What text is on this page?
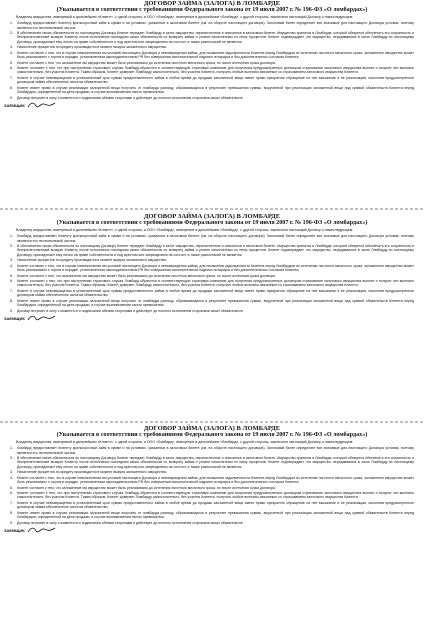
ДОГОВОР ЗАЙМА (ЗАЛОГА) В ЛОМБАРДЕ
(Указывается в соответствии с требованиями Федерального закона от 19 июля 2007 г. № 196-ФЗ «О ломбардах»)

Владелец имущества, именуемый в дальнейшем «Клиент», с одной стороны, и ООО «Ломбард», именуемое в дальнейшем «Ломбард», с другой стороны, заключили настоящий Договор о нижеследующем:

1. Ломбард предоставляет Клиенту краткосрочный займ в сумме и на условиях, указанных в залоговом билете (см. на обороте настоящего договора). Залоговый билет определяет все значимые для настоящего Договора условия, поэтому является его неотъемлемой частью.
2. В обеспечение своих обязательств по настоящему Договору Клиент передает Ломбарду в залог имущество, перечисленное и описанное в залоговом билете. Имущество хранится в Ломбарде, который обязуется обеспечить его сохранность и беспрепятственный возврат Клиенту после исполнения последним своих обязательств по возврату займа и уплате начисленных по нему процентов. Клиент подтверждает, что имущество, передаваемое в залог Ломбарду по настоящему Договору, принадлежит ему лично на праве собственности и под арестом или запрещением на состоит, а также разногласий не является.
3. Начисление процентов по кредиту производится в момент выкупа заложенного имущества.
4. Клиент согласен с тем, что в случае невыполнения им условий настоящего Договора и невозвращения займа, для погашения задолженности Клиента перед Ломбардом по истечении льготного месячного срока, заложенное имущество может быть реализовано с торгов в порядке, установленном законодательством РФ без совершения исполнительной надписи нотариуса и без дополнительного согласия Клиента.
5. Клиент согласен с тем, что заложенное им имущество может быть реализовано до истечения льготного месячного срока, но после истечения срока договора.
6. Клиент согласен с тем, что при наступлении страхового случая Ломбард обратится в соответствующую страховую компанию для получения предусмотренных договором страхования залогового имущества выплат и получит эти выплаты самостоятельно, без участия Клиента. Таким образом, Клиент доверяет Ломбарду самостоятельно, без участия Клиента, получить любые выплаты связанные со страхованием залогового имущества Клиента.
7. Клиент в случае невозвращения в установленный срок суммы предоставленного займа в любое время до продажи заложенной вещи имеет право прекратить обращение на нее взыскание и ее реализацию, исполнив предусмотренное договором займа обеспеченное залогом обязательство.
8. Клиент имеет право в случае реализации заложенной вещи получить от ломбарда разницу, образовавшуюся в результате превышения суммы, вырученной при реализации заложенной вещи над суммой обязательств Клиента перед Ломбардом, определенной на день продажи, в случае возникновения такого превышения.
9. Договор вступает в силу с момента его подписания обеими сторонами и действует до полного исполнения сторонами своих обязательств.
ЗАЕМЩИК
ДОГОВОР ЗАЙМА (ЗАЛОГА) В ЛОМБАРДЕ
(Указывается в соответствии с требованиями Федерального закона от 19 июля 2007 г. № 196-ФЗ «О ломбардах»)

Владелец имущества, именуемый в дальнейшем «Клиент», с одной стороны, и ООО «Ломбард», именуемое в дальнейшем «Ломбард», с другой стороны, заключили настоящий Договор о нижеследующем:

1. Ломбард предоставляет Клиенту краткосрочный займ в сумме и на условиях, указанных в залоговом билете (см. на обороте настоящего договора). Залоговый билет определяет все значимые для настоящего Договора условия, поэтому является его неотъемлемой частью.
2. В обеспечение своих обязательств по настоящему Договору Клиент передает Ломбарду в залог имущество, перечисленное и описанное в залоговом билете. Имущество хранится в Ломбарде, который обязуется обеспечить его сохранность и беспрепятственный возврат Клиенту после исполнения последним своих обязательств по возврату займа и уплате начисленных по нему процентов. Клиент подтверждает, что имущество, передаваемое в залог Ломбарду по настоящему Договору, принадлежит ему лично на праве собственности и под арестом или запрещением на состоит, а также разногласий не является.
3. Начисление процентов по кредиту производится в момент выкупа заложенного имущества.
4. Клиент согласен с тем, что в случае невыполнения им условий настоящего Договора и невозвращения займа, для погашения задолженности Клиента перед Ломбардом по истечении льготного месячного срока, заложенное имущество может быть реализовано с торгов в порядке, установленном законодательством РФ без совершения исполнительной надписи нотариуса и без дополнительного согласия Клиента.
5. Клиент согласен с тем, что заложенное им имущество может быть реализовано до истечения льготного месячного срока, но после истечения срока договора.
6. Клиент согласен с тем, что при наступлении страхового случая Ломбард обратится в соответствующую страховую компанию для получения предусмотренных договором страхования залогового имущества выплат и получит эти выплаты самостоятельно, без участия Клиента. Таким образом, Клиент доверяет Ломбарду самостоятельно, без участия Клиента, получить любые выплаты связанные со страхованием залогового имущества Клиента.
7. Клиент в случае невозвращения в установленный срок суммы предоставленного займа в любое время до продажи заложенной вещи имеет право прекратить обращение на нее взыскание и ее реализацию, исполнив предусмотренное договором займа обеспеченное залогом обязательство.
8. Клиент имеет право в случае реализации заложенной вещи получить от ломбарда разницу, образовавшуюся в результате превышения суммы, вырученной при реализации заложенной вещи над суммой обязательств Клиента перед Ломбардом, определенной на день продажи, в случае возникновения такого превышения.
9. Договор вступает в силу с момента его подписания обеими сторонами и действует до полного исполнения сторонами своих обязательств.
ЗАЕМЩИК
ДОГОВОР ЗАЙМА (ЗАЛОГА) В ЛОМБАРДЕ
(Указывается в соответствии с требованиями Федерального закона от 19 июля 2007 г. № 196-ФЗ «О ломбардах»)

Владелец имущества, именуемый в дальнейшем «Клиент», с одной стороны, и ООО «Ломбард», именуемое в дальнейшем «Ломбард», с другой стороны, заключили настоящий Договор о нижеследующем:

1. Ломбард предоставляет Клиенту краткосрочный займ в сумме и на условиях, указанных в залоговом билете (см. на обороте настоящего договора). Залоговый билет определяет все значимые для настоящего Договора условия, поэтому является его неотъемлемой частью.
2. В обеспечение своих обязательств по настоящему Договору Клиент передает Ломбарду в залог имущество, перечисленное и описанное в залоговом билете. Имущество хранится в Ломбарде, который обязуется обеспечить его сохранность и беспрепятственный возврат Клиенту после исполнения последним своих обязательств по возврату займа и уплате начисленных по нему процентов. Клиент подтверждает, что имущество, передаваемое в залог Ломбарду по настоящему Договору, принадлежит ему лично на праве собственности и под арестом или запрещением на состоит, а также разногласий не является.
3. Начисление процентов по кредиту производится в момент выкупа заложенного имущества.
4. Клиент согласен с тем, что в случае невыполнения им условий настоящего Договора и невозвращения займа, для погашения задолженности Клиента перед Ломбардом по истечении льготного месячного срока, заложенное имущество может быть реализовано с торгов в порядке, установленном законодательством РФ без совершения исполнительной надписи нотариуса и без дополнительного согласия Клиента.
5. Клиент согласен с тем, что заложенное им имущество может быть реализовано до истечения льготного месячного срока, но после истечения срока договора.
6. Клиент согласен с тем, что при наступлении страхового случая Ломбард обратится в соответствующую страховую компанию для получения предусмотренных договором страхования залогового имущества выплат и получит эти выплаты самостоятельно, без участия Клиента. Таким образом, Клиент доверяет Ломбарду самостоятельно, без участия Клиента, получить любые выплаты связанные со страхованием залогового имущества Клиента.
7. Клиент в случае невозвращения в установленный срок суммы предоставленного займа в любое время до продажи заложенной вещи имеет право прекратить обращение на нее взыскание и ее реализацию, исполнив предусмотренное договором займа обеспеченное залогом обязательство.
8. Клиент имеет право в случае реализации заложенной вещи получить от ломбарда разницу, образовавшуюся в результате превышения суммы, вырученной при реализации заложенной вещи над суммой обязательств Клиента перед Ломбардом, определенной на день продажи, в случае возникновения такого превышения.
9. Договор вступает в силу с момента его подписания обеими сторонами и действует до полного исполнения сторонами своих обязательств.
ЗАЕМЩИК
